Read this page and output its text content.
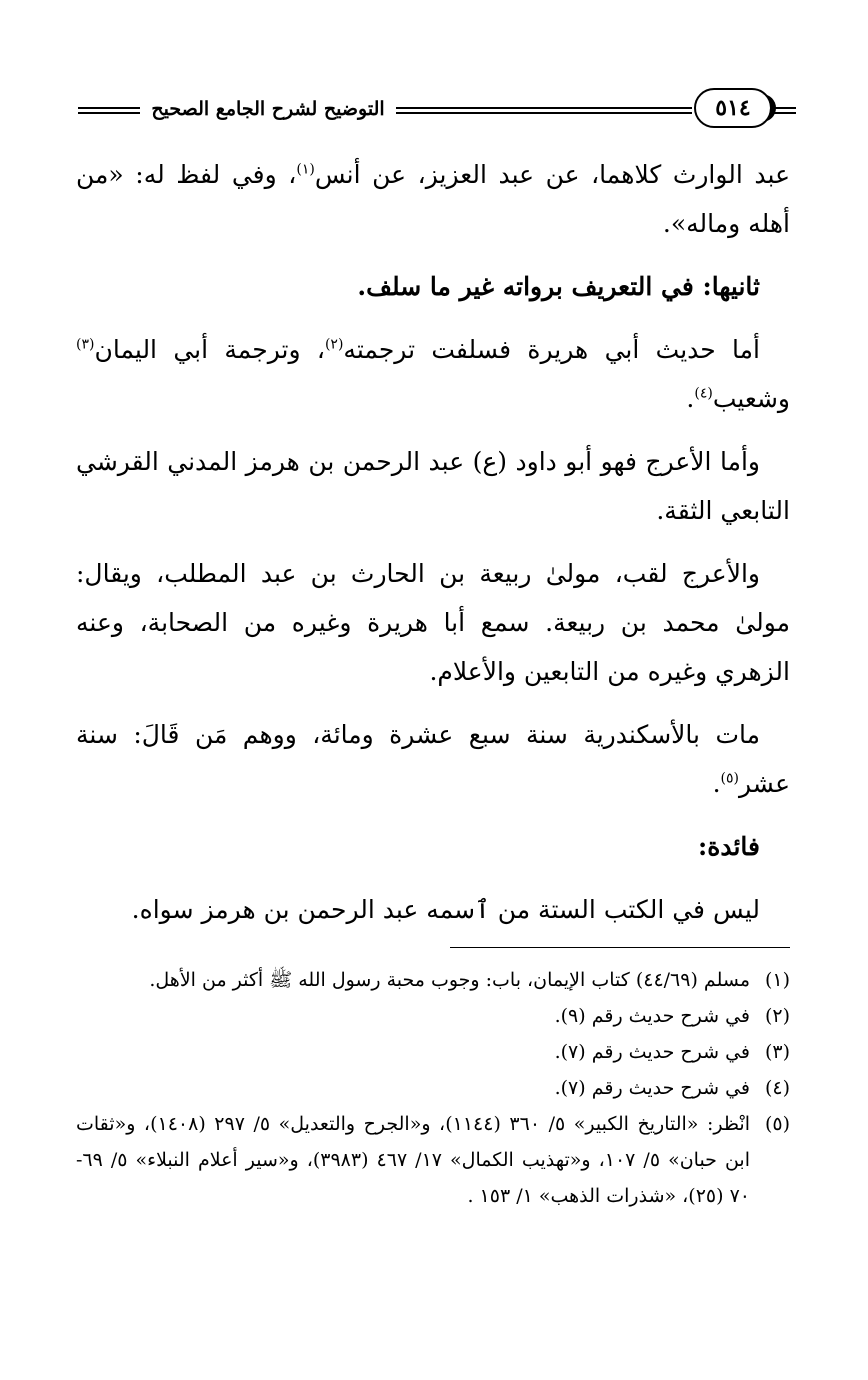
التوضيح لشرح الجامع الصحيح	٥١٤

عبد الوارث كلاهما، عن عبد العزيز، عن أنس$^{(١)}$، وفي لفظ له: «من أهله وماله».

ثانيها: في التعريف برواته غير ما سلف.

أما حديث أبي هريرة فسلفت ترجمته$^{(٢)}$، وترجمة أبي اليمان$^{(٣)}$ وشعيب$^{(٤)}$.

وأما الأعرج فهو أبو داود (ع) عبد الرحمن بن هرمز المدني القرشي التابعي الثقة.

والأعرج لقب، مولىٰ ربيعة بن الحارث بن عبد المطلب، ويقال: مولىٰ محمد بن ربيعة. سمع أبا هريرة وغيره من الصحابة، وعنه الزهري وغيره من التابعين والأعلام.

مات بالأسكندرية سنة سبع عشرة ومائة، ووهم مَن قَالَ: سنة عشر$^{(٥)}$.

فائدة:

ليس في الكتب الستة من ٱسمه عبد الرحمن بن هرمز سواه.

(١)
مسلم (٤٤/٦٩) كتاب الإيمان، باب: وجوب محبة رسول الله ﷺ أكثر من الأهل.
(٢)
في شرح حديث رقم (٩).
(٣)
في شرح حديث رقم (٧).
(٤)
في شرح حديث رقم (٧).
(٥)
انْظر: «التاريخ الكبير» ٥/ ٣٦٠ (١١٤٤)، و«الجرح والتعديل» ٥/ ٢٩٧ (١٤٠٨)، و«ثقات ابن حبان» ٥/ ١٠٧، و«تهذيب الكمال» ١٧/ ٤٦٧ (٣٩٨٣)، و«سير أعلام النبلاء» ٥/ ٦٩- ٧٠ (٢٥)، «شذرات الذهب» ١/ ١٥٣ .
